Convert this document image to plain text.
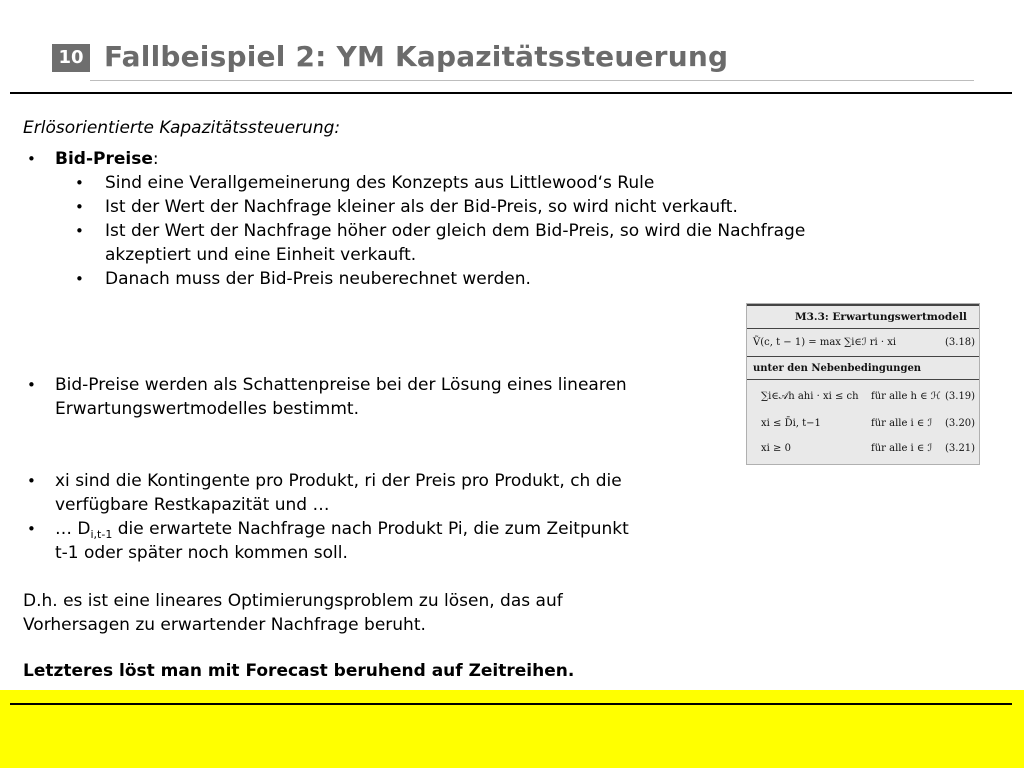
10 Fallbeispiel 2: YM Kapazitätssteuerung
Erlösorientierte Kapazitätssteuerung:
• Bid-Preise:
• Sind eine Verallgemeinerung des Konzepts aus Littlewood‘s Rule
• Ist der Wert der Nachfrage kleiner als der Bid-Preis, so wird nicht verkauft.
• Ist der Wert der Nachfrage höher oder gleich dem Bid-Preis, so wird die Nachfrage
akzeptiert und eine Einheit verkauft.
• Danach muss der Bid-Preis neuberechnet werden.
• Bid-Preise werden als Schattenpreise bei der Lösung eines linearen
Erwartungswertmodelles bestimmt.
• xi sind die Kontingente pro Produkt, ri der Preis pro Produkt, ch die
verfügbare Restkapazität und …
• … $D_{i,t-1}$ die erwartete Nachfrage nach Produkt Pi, die zum Zeitpunkt
t-1 oder später noch kommen soll.
D.h. es ist eine lineares Optimierungsproblem zu lösen, das auf
Vorhersagen zu erwartender Nachfrage beruht.
Letzteres löst man mit Forecast beruhend auf Zeitreihen.
M3.3: Erwartungswertmodell
Ṽ(c, t − 1) = max ∑i∈ℐ ri · xi	(3.18)
unter den Nebenbedingungen
∑i∈𝒜h ahi · xi ≤ ch für alle h ∈ ℋ (3.19)
xi ≤ D̄i, t−1	für alle i ∈ ℐ (3.20)
xi ≥ 0	für alle i ∈ ℐ (3.21)
